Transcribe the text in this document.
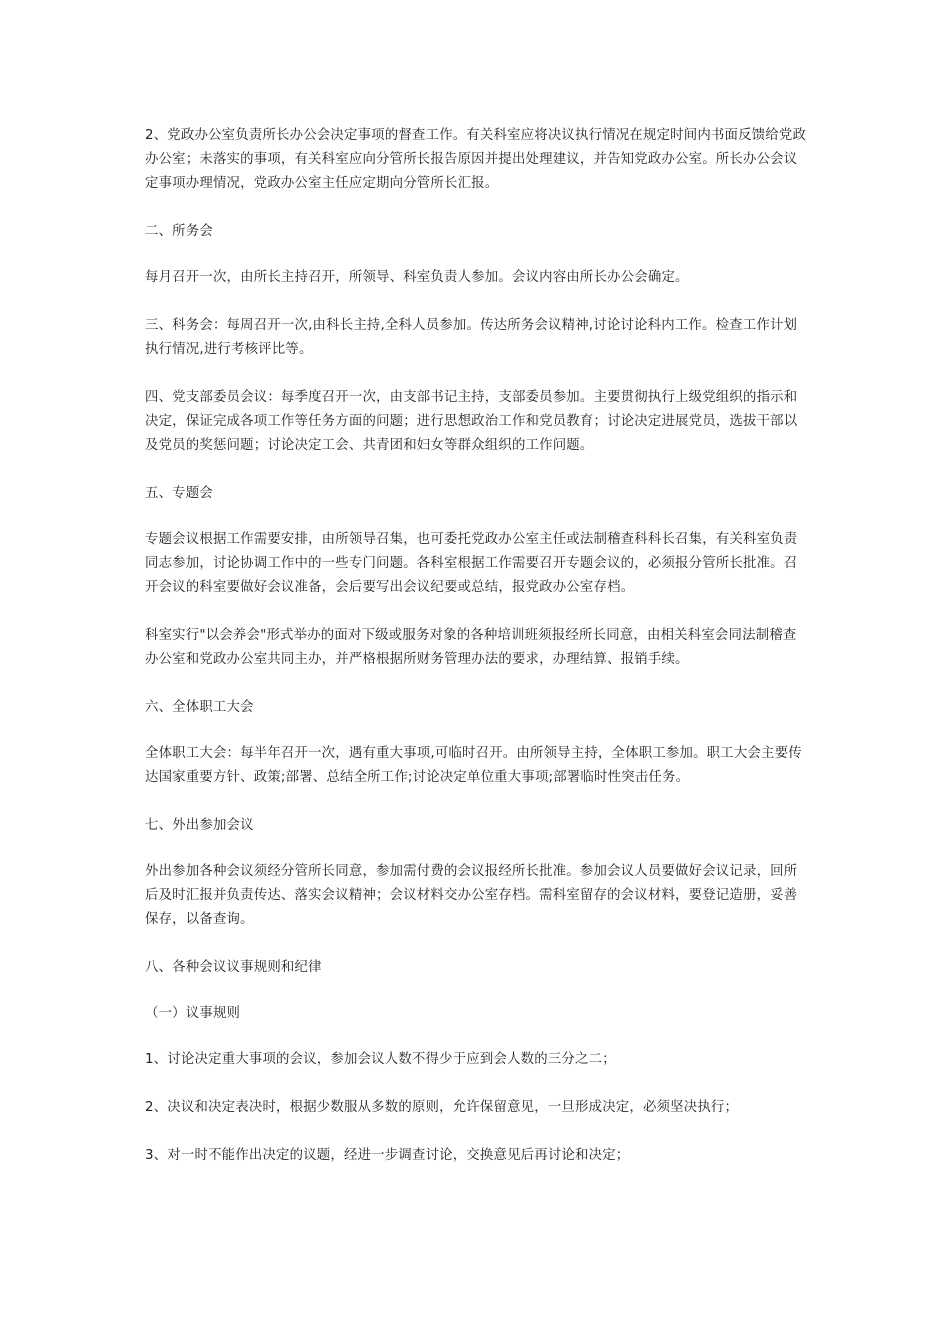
2、党政办公室负责所长办公会决定事项的督查工作。有关科室应将决议执行情况在规定时间内书面反馈给党政办公室；未落实的事项，有关科室应向分管所长报告原因并提出处理建议，并告知党政办公室。所长办公会议定事项办理情况，党政办公室主任应定期向分管所长汇报。

二、所务会

每月召开一次，由所长主持召开，所领导、科室负责人参加。会议内容由所长办公会确定。

三、科务会：每周召开一次,由科长主持,全科人员参加。传达所务会议精神,讨论讨论科内工作。检查工作计划执行情况,进行考核评比等。

四、党支部委员会议：每季度召开一次，由支部书记主持，支部委员参加。主要贯彻执行上级党组织的指示和决定，保证完成各项工作等任务方面的问题；进行思想政治工作和党员教育；讨论决定进展党员，选拔干部以及党员的奖惩问题；讨论决定工会、共青团和妇女等群众组织的工作问题。

五、专题会

专题会议根据工作需要安排，由所领导召集，也可委托党政办公室主任或法制稽查科科长召集，有关科室负责同志参加，讨论协调工作中的一些专门问题。各科室根据工作需要召开专题会议的，必须报分管所长批准。召开会议的科室要做好会议准备，会后要写出会议纪要或总结，报党政办公室存档。

科室实行"以会养会"形式举办的面对下级或服务对象的各种培训班须报经所长同意，由相关科室会同法制稽查办公室和党政办公室共同主办，并严格根据所财务管理办法的要求，办理结算、报销手续。

六、全体职工大会

全体职工大会：每半年召开一次，遇有重大事项,可临时召开。由所领导主持，全体职工参加。职工大会主要传达国家重要方针、政策;部署、总结全所工作;讨论决定单位重大事项;部署临时性突击任务。

七、外出参加会议

外出参加各种会议须经分管所长同意，参加需付费的会议报经所长批准。参加会议人员要做好会议记录，回所后及时汇报并负责传达、落实会议精神；会议材料交办公室存档。需科室留存的会议材料，要登记造册，妥善保存，以备查询。

八、各种会议议事规则和纪律

（一）议事规则

1、讨论决定重大事项的会议，参加会议人数不得少于应到会人数的三分之二；

2、决议和决定表决时，根据少数服从多数的原则，允许保留意见，一旦形成决定，必须坚决执行；

3、对一时不能作出决定的议题，经进一步调查讨论，交换意见后再讨论和决定；
